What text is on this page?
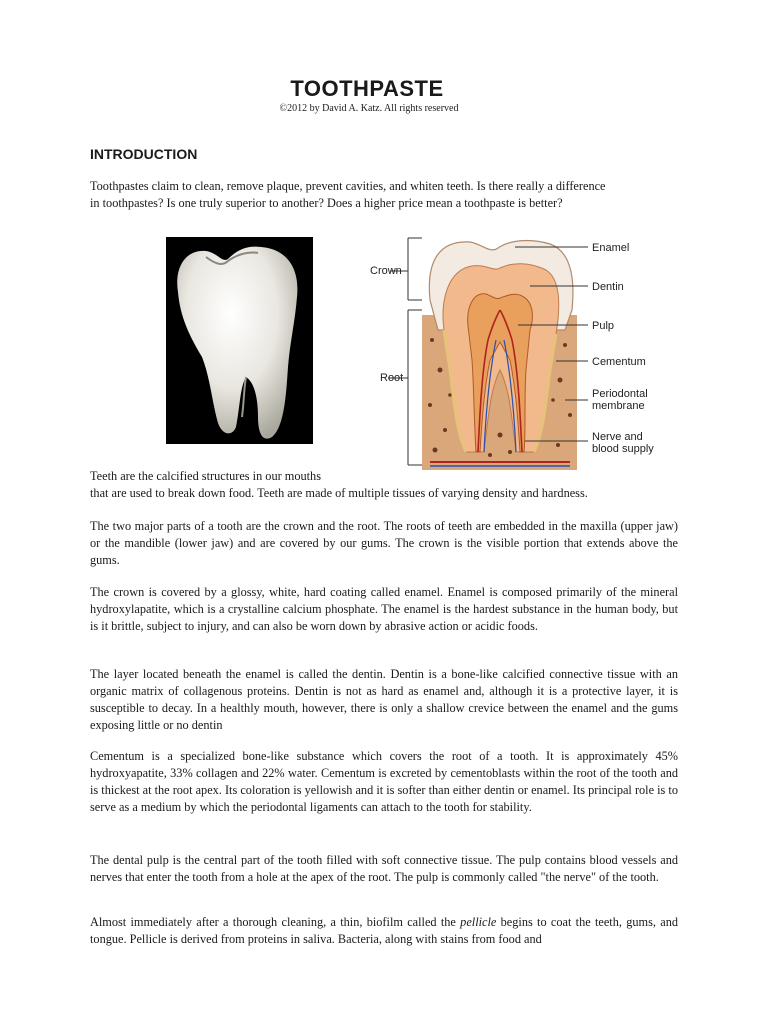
TOOTHPASTE
©2012 by David A. Katz. All rights reserved
INTRODUCTION

Toothpastes claim to clean, remove plaque, prevent cavities, and whiten teeth. Is there really a difference
in toothpastes? Is one truly superior to another? Does a higher price mean a toothpaste is better?

Crown
Root
Enamel
Dentin
Pulp
Cementum
Periodontal
membrane
Nerve and
blood supply

Teeth are the calcified structures in our mouths
that are used to break down food. Teeth are made of multiple tissues of varying density and hardness.

The two major parts of a tooth are the crown and the root. The roots of teeth are embedded in the maxilla (upper jaw) or the mandible (lower jaw) and are covered by our gums. The crown is the visible portion that extends above the gums.

The crown is covered by a glossy, white, hard coating called enamel. Enamel is composed primarily of the mineral hydroxylapatite, which is a crystalline calcium phosphate. The enamel is the hardest substance in the human body, but is it brittle, subject to injury, and can also be worn down by abrasive action or acidic foods.

The layer located beneath the enamel is called the dentin. Dentin is a bone-like calcified connective tissue with an organic matrix of collagenous proteins. Dentin is not as hard as enamel and, although it is a protective layer, it is susceptible to decay. In a healthly mouth, however, there is only a shallow crevice between the enamel and the gums exposing little or no dentin

Cementum is a specialized bone-like substance which covers the root of a tooth. It is approximately 45% hydroxyapatite, 33% collagen and 22% water. Cementum is excreted by cementoblasts within the root of the tooth and is thickest at the root apex. Its coloration is yellowish and it is softer than either dentin or enamel. Its principal role is to serve as a medium by which the periodontal ligaments can attach to the tooth for stability.

The dental pulp is the central part of the tooth filled with soft connective tissue. The pulp contains blood vessels and nerves that enter the tooth from a hole at the apex of the root. The pulp is commonly called "the nerve" of the tooth.

Almost immediately after a thorough cleaning, a thin, biofilm called the pellicle begins to coat the teeth, gums, and tongue. Pellicle is derived from proteins in saliva. Bacteria, along with stains from food and
